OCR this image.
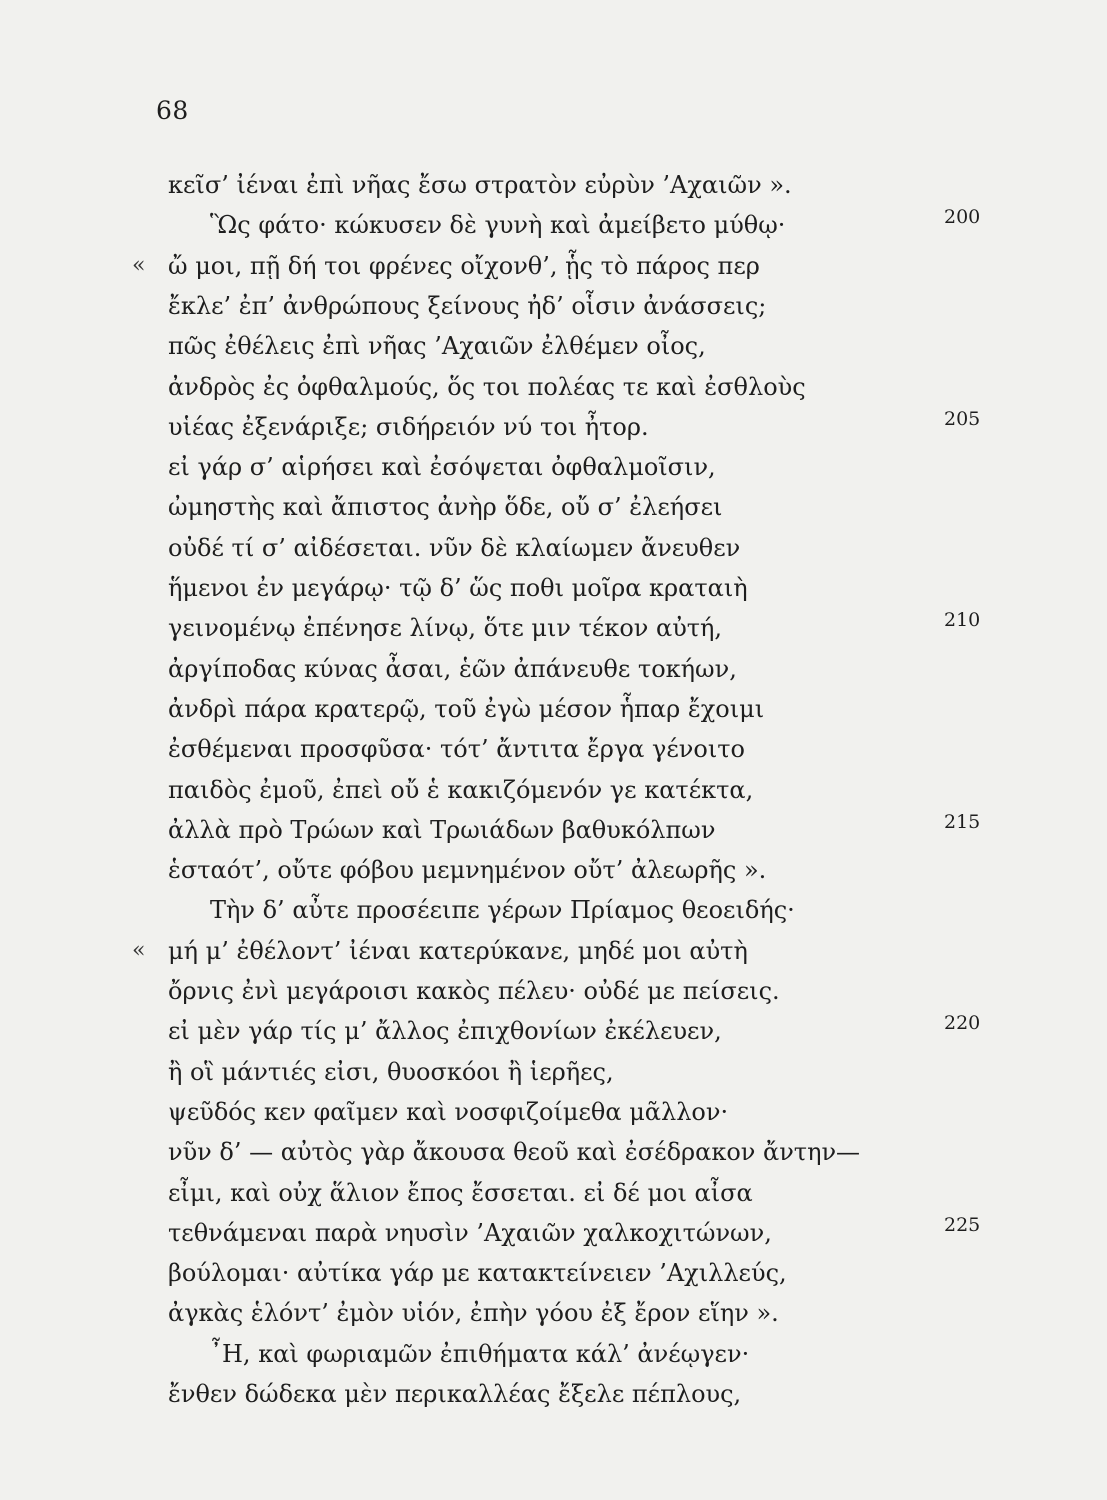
68
κεῖσ’ ἰέναι ἐπὶ νῆας ἔσω στρατὸν εὐρὺν ’Αχαιῶν ».
Ὣς φάτο· κώκυσεν δὲ γυνὴ καὶ ἀμείβετο μύθῳ·	200
« ὤ μοι, πῇ δή τοι φρένες οἴχονθ’, ᾗς τὸ πάρος περ
ἔκλε’ ἐπ’ ἀνθρώπους ξείνους ἠδ’ οἷσιν ἀνάσσεις;
πῶς ἐθέλεις ἐπὶ νῆας ’Αχαιῶν ἐλθέμεν οἶος,
ἀνδρὸς ἐς ὀφθαλμούς, ὅς τοι πολέας τε καὶ ἐσθλοὺς
υἱέας ἐξενάριξε; σιδήρειόν νύ τοι ἦτορ.	205
εἰ γάρ σ’ αἱρήσει καὶ ἐσόψεται ὀφθαλμοῖσιν,
ὠμηστὴς καὶ ἄπιστος ἀνὴρ ὅδε, οὔ σ’ ἐλεήσει
οὐδέ τί σ’ αἰδέσεται. νῦν δὲ κλαίωμεν ἄνευθεν
ἥμενοι ἐν μεγάρῳ· τῷ δ’ ὥς ποθι μοῖρα κραταιὴ
γεινομένῳ ἐπένησε λίνῳ, ὅτε μιν τέκον αὐτή,	210
ἀργίποδας κύνας ἆσαι, ἑῶν ἀπάνευθε τοκήων,
ἀνδρὶ πάρα κρατερῷ, τοῦ ἐγὼ μέσον ἧπαρ ἔχοιμι
ἐσθέμεναι προσφῦσα· τότ’ ἄντιτα ἔργα γένοιτο
παιδὸς ἐμοῦ, ἐπεὶ οὔ ἑ κακιζόμενόν γε κατέκτα,
ἀλλὰ πρὸ Τρώων καὶ Τρωιάδων βαθυκόλπων	215
ἑσταότ’, οὔτε φόβου μεμνημένον οὔτ’ ἀλεωρῆς ».
Τὴν δ’ αὖτε προσέειπε γέρων Πρίαμος θεοειδής·
« μή μ’ ἐθέλοντ’ ἰέναι κατερύκανε, μηδέ μοι αὐτὴ
ὄρνις ἐνὶ μεγάροισι κακὸς πέλευ· οὐδέ με πείσεις.
εἰ μὲν γάρ τίς μ’ ἄλλος ἐπιχθονίων ἐκέλευεν,	220
ἢ οἳ μάντιές εἰσι, θυοσκόοι ἢ ἱερῆες,
ψεῦδός κεν φαῖμεν καὶ νοσφιζοίμεθα μᾶλλον·
νῦν δ’ — αὐτὸς γὰρ ἄκουσα θεοῦ καὶ ἐσέδρακον ἄντην—
εἶμι, καὶ οὐχ ἅλιον ἔπος ἔσσεται. εἰ δέ μοι αἶσα
τεθνάμεναι παρὰ νηυσὶν ’Αχαιῶν χαλκοχιτώνων,	225
βούλομαι· αὐτίκα γάρ με κατακτείνειεν ’Αχιλλεύς,
ἀγκὰς ἑλόντ’ ἐμὸν υἱόν, ἐπὴν γόου ἐξ ἔρον εἵην ».
῏Η, καὶ φωριαμῶν ἐπιθήματα κάλ’ ἀνέῳγεν·
ἔνθεν δώδεκα μὲν περικαλλέας ἔξελε πέπλους,
